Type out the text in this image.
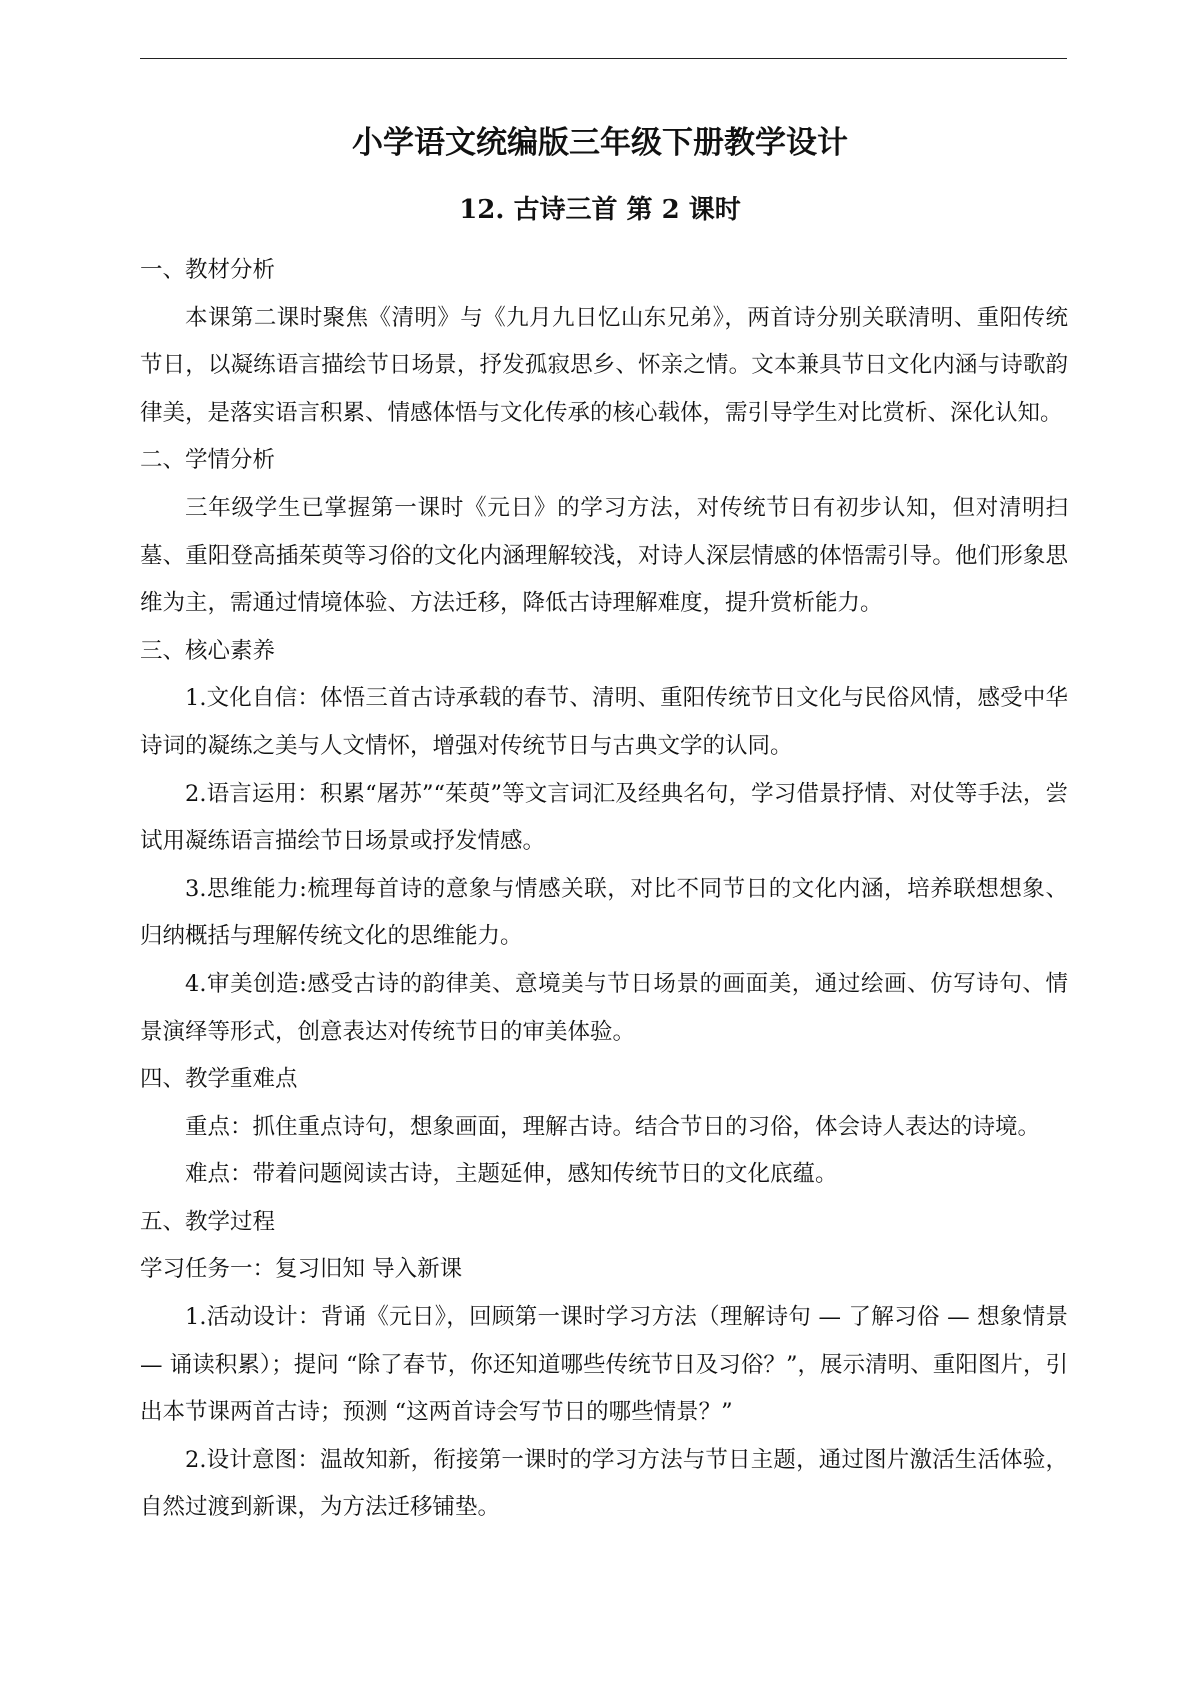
小学语文统编版三年级下册教学设计
12. 古诗三首 第 2 课时

一、教材分析

本课第二课时聚焦《清明》与《九月九日忆山东兄弟》，两首诗分别关联清明、重阳传统节日，以凝练语言描绘节日场景，抒发孤寂思乡、怀亲之情。文本兼具节日文化内涵与诗歌韵律美，是落实语言积累、情感体悟与文化传承的核心载体，需引导学生对比赏析、深化认知。

二、学情分析

三年级学生已掌握第一课时《元日》的学习方法，对传统节日有初步认知，但对清明扫墓、重阳登高插茱萸等习俗的文化内涵理解较浅，对诗人深层情感的体悟需引导。他们形象思维为主，需通过情境体验、方法迁移，降低古诗理解难度，提升赏析能力。

三、核心素养

1.文化自信：体悟三首古诗承载的春节、清明、重阳传统节日文化与民俗风情，感受中华诗词的凝练之美与人文情怀，增强对传统节日与古典文学的认同。

2.语言运用：积累“屠苏”“茱萸”等文言词汇及经典名句，学习借景抒情、对仗等手法，尝试用凝练语言描绘节日场景或抒发情感。

3.思维能力:梳理每首诗的意象与情感关联，对比不同节日的文化内涵，培养联想想象、归纳概括与理解传统文化的思维能力。

4.审美创造:感受古诗的韵律美、意境美与节日场景的画面美，通过绘画、仿写诗句、情景演绎等形式，创意表达对传统节日的审美体验。

四、教学重难点

重点：抓住重点诗句，想象画面，理解古诗。结合节日的习俗，体会诗人表达的诗境。

难点：带着问题阅读古诗，主题延伸，感知传统节日的文化底蕴。

五、教学过程

学习任务一：复习旧知 导入新课

1.活动设计：背诵《元日》，回顾第一课时学习方法（理解诗句 — 了解习俗 — 想象情景 — 诵读积累）；提问 “除了春节，你还知道哪些传统节日及习俗？”，展示清明、重阳图片，引出本节课两首古诗；预测 “这两首诗会写节日的哪些情景？”

2.设计意图：温故知新，衔接第一课时的学习方法与节日主题，通过图片激活生活体验，自然过渡到新课，为方法迁移铺垫。
